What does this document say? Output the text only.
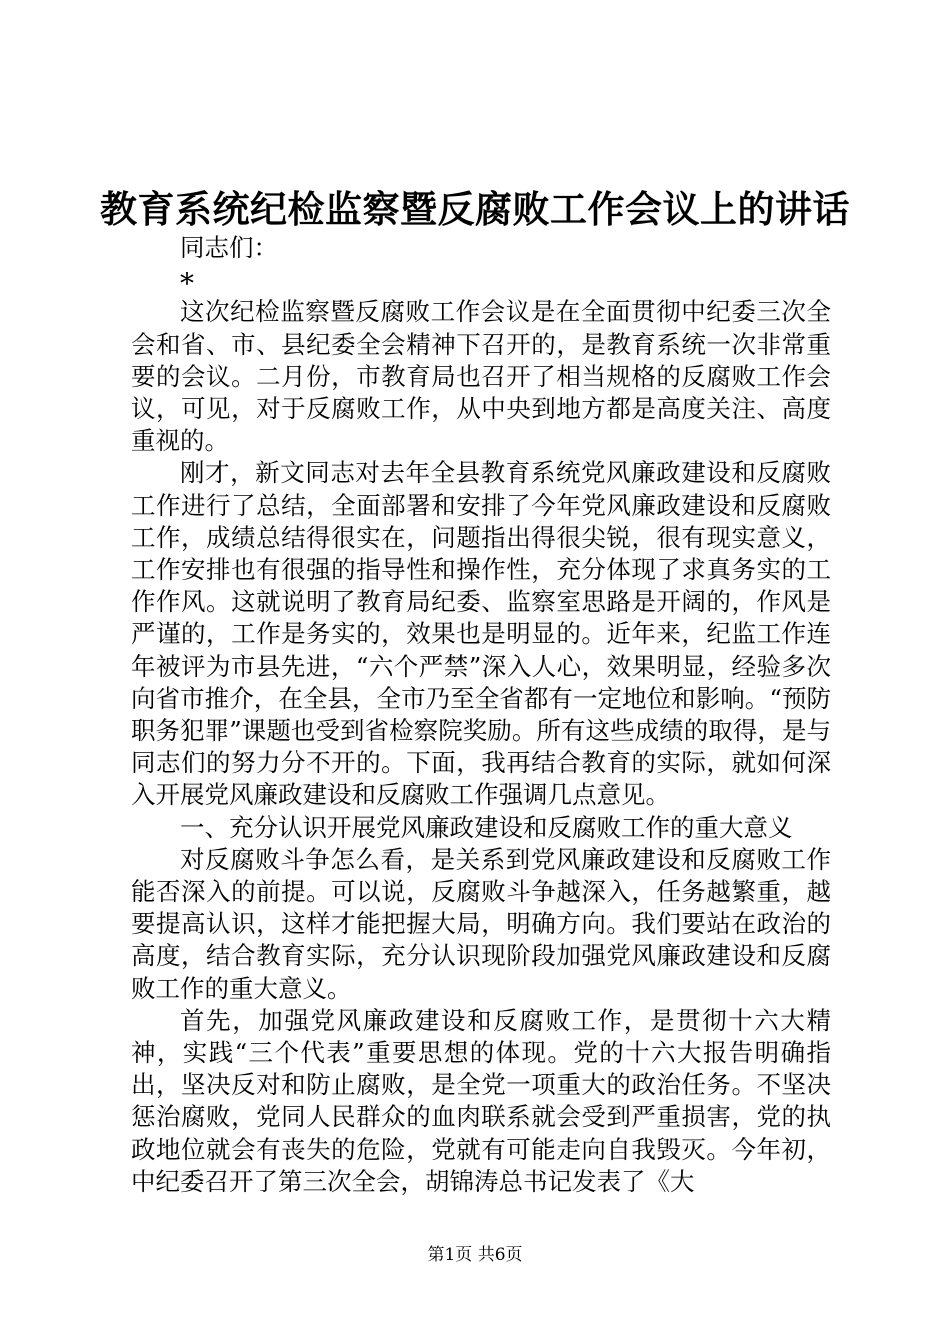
教育系统纪检监察暨反腐败工作会议上的讲话

同志们：

*

这次纪检监察暨反腐败工作会议是在全面贯彻中纪委三次全会和省、市、县纪委全会精神下召开的，是教育系统一次非常重要的会议。二月份，市教育局也召开了相当规格的反腐败工作会议，可见，对于反腐败工作，从中央到地方都是高度关注、高度重视的。

刚才，新文同志对去年全县教育系统党风廉政建设和反腐败工作进行了总结，全面部署和安排了今年党风廉政建设和反腐败工作，成绩总结得很实在，问题指出得很尖锐，很有现实意义，工作安排也有很强的指导性和操作性，充分体现了求真务实的工作作风。这就说明了教育局纪委、监察室思路是开阔的，作风是严谨的，工作是务实的，效果也是明显的。近年来，纪监工作连年被评为市县先进，“六个严禁”深入人心，效果明显，经验多次向省市推介，在全县，全市乃至全省都有一定地位和影响。“预防职务犯罪”课题也受到省检察院奖励。所有这些成绩的取得，是与同志们的努力分不开的。下面，我再结合教育的实际，就如何深入开展党风廉政建设和反腐败工作强调几点意见。

一、充分认识开展党风廉政建设和反腐败工作的重大意义

对反腐败斗争怎么看，是关系到党风廉政建设和反腐败工作能否深入的前提。可以说，反腐败斗争越深入，任务越繁重，越要提高认识，这样才能把握大局，明确方向。我们要站在政治的高度，结合教育实际，充分认识现阶段加强党风廉政建设和反腐败工作的重大意义。

首先，加强党风廉政建设和反腐败工作，是贯彻十六大精神，实践“三个代表”重要思想的体现。党的十六大报告明确指出，坚决反对和防止腐败，是全党一项重大的政治任务。不坚决惩治腐败，党同人民群众的血肉联系就会受到严重损害，党的执政地位就会有丧失的危险，党就有可能走向自我毁灭。今年初，中纪委召开了第三次全会，胡锦涛总书记发表了《大

第1页 共6页
